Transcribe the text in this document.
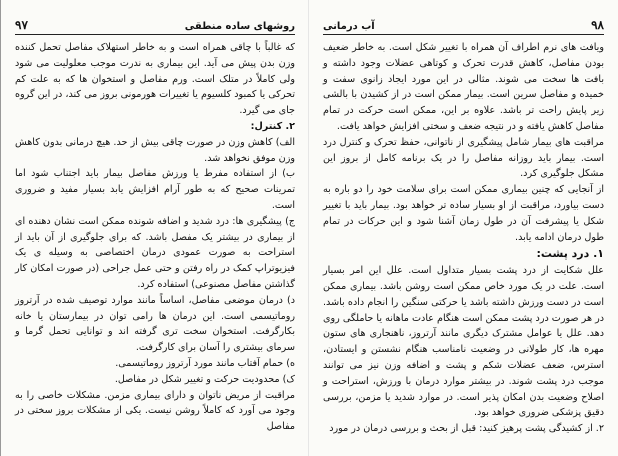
روشهای ساده منطقی
۹۷

که غالباً با چاقی همراه است و به خاطر استهلاک مفاصل تحمل کننده وزن بدن پیش می آید. این بیماری به ندرت موجب معلولیت می شود ولی کاملاً در متلک است. ورم مفاصل و استخوان ها که به علت کم تحرکی یا کمبود کلسیوم یا تغییرات هورمونی بروز می کند، در این گروه جای می گیرد.

۲. کنترل:

الف) کاهش وزن در صورت چاقی بیش از حد. هیچ درمانی بدون کاهش وزن موفق نخواهد شد.

ب) از استفاده مفرط یا ورزش مفاصل بیمار باید اجتناب شود اما تمرینات صحیح که به طور آرام افزایش یابد بسیار مفید و ضروری است.

ج) پیشگیری ها: درد شدید و اضافه شونده ممکن است نشان دهنده ای از بیماری در بیشتر یک مفصل باشد. که برای جلوگیری از آن باید از استراحت به صورت عمودی درمان اختصاصی به وسیله ی یک فیزیوتراپ کمک در راه رفتن و حتی عمل جراحی (در صورت امکان کار گذاشتن مفاصل مصنوعی) استفاده کرد.

د) درمان موضعی مفاصل، اساساً مانند موارد توصیف شده در آرتروز روماتیسمی است. این درمان ها رامی توان در بیمارستان یا خانه بکارگرفت. استخوان سخت تری گرفته اند و توانایی تحمل گرما و سرمای بیشتری را آسان برای کارگرفت.

ه) حمام آفتاب مانند مورد آرتروز روماتیسمی.

ک) محدودیت حرکت و تغییر شکل در مفاصل.

مراقبت از مریض ناتوان و دارای بیماری مزمن. مشکلات خاصی را به وجود می آورد که کاملاً روشن نیست. یکی از مشکلات بروز سختی در مفاصل

۹۸
آب درمانی

ویافت های نرم اطراف آن همراه با تغییر شکل است. به خاطر ضعیف بودن مفاصل، کاهش قدرت تحرک و کوتاهی عضلات وجود داشته و بافت ها سخت می شوند. مثالی در این مورد ایجاد زانوی سفت و خمیده و مفاصل سرین است. بیمار ممکن است در از کشیدن با بالشی زیر پایش راحت تر باشد. علاوه بر این، ممکن است حرکت در تمام مفاصل کاهش یافته و در نتیجه ضعف و سختی افزایش خواهد یافت.

مراقبت های بیمار شامل پیشگیری از ناتوانی، حفظ تحرک و کنترل درد است. بیمار باید روزانه مفاصل را در یک برنامه کامل از بروز این مشکل جلوگیری کرد.

از آنجایی که چنین بیماری ممکن است برای سلامت خود را دو باره به دست بیاورد، مراقبت از او بسیار ساده تر خواهد بود. بیمار باید با تغییر شکل یا پیشرفت آن در طول زمان آشنا شود و این حرکات در تمام طول درمان ادامه یابد.

۱. درد پشت:

علل شکایت از درد پشت بسیار متداول است. علل این امر بسیار است. علت در یک مورد خاص ممکن است روشن باشد. بیماری ممکن است در دست ورزش داشته باشد یا حرکتی سنگین را انجام داده باشد. در هر صورت درد پشت ممکن است هنگام عادت ماهانه یا حاملگی روی دهد. علل یا عوامل مشترک دیگری مانند آرتروز، ناهنجاری های ستون مهره ها، کار طولانی در وضعیت نامناسب هنگام نشستن و ایستادن، استرس، ضعف عضلات شکم و پشت و اضافه وزن نیز می توانند موجب درد پشت شوند. در بیشتر موارد درمان با ورزش، استراحت و اصلاح وضعیت بدن امکان پذیر است. در موارد شدید یا مزمن، بررسی دقیق پزشکی ضروری خواهد بود.

۲. از کشیدگی پشت پرهیز کنید: قبل از بحث و بررسی درمان در مورد
